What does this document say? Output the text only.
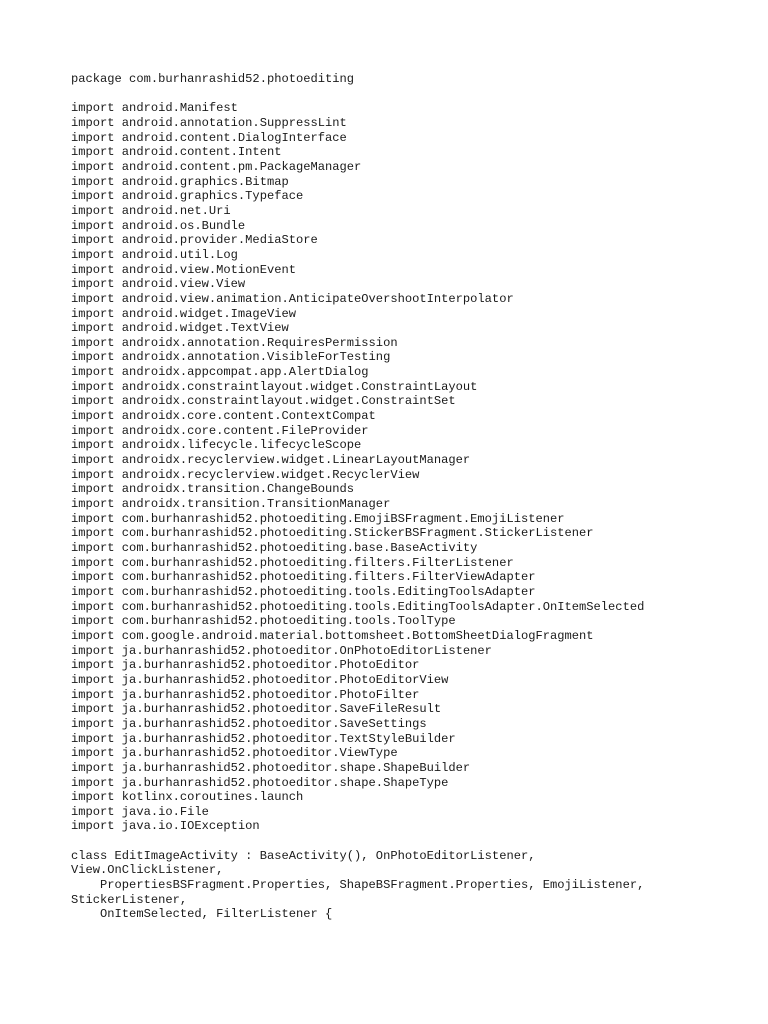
package com.burhanrashid52.photoediting
import android.Manifest
import android.annotation.SuppressLint
import android.content.DialogInterface
import android.content.Intent
import android.content.pm.PackageManager
import android.graphics.Bitmap
import android.graphics.Typeface
import android.net.Uri
import android.os.Bundle
import android.provider.MediaStore
import android.util.Log
import android.view.MotionEvent
import android.view.View
import android.view.animation.AnticipateOvershootInterpolator
import android.widget.ImageView
import android.widget.TextView
import androidx.annotation.RequiresPermission
import androidx.annotation.VisibleForTesting
import androidx.appcompat.app.AlertDialog
import androidx.constraintlayout.widget.ConstraintLayout
import androidx.constraintlayout.widget.ConstraintSet
import androidx.core.content.ContextCompat
import androidx.core.content.FileProvider
import androidx.lifecycle.lifecycleScope
import androidx.recyclerview.widget.LinearLayoutManager
import androidx.recyclerview.widget.RecyclerView
import androidx.transition.ChangeBounds
import androidx.transition.TransitionManager
import com.burhanrashid52.photoediting.EmojiBSFragment.EmojiListener
import com.burhanrashid52.photoediting.StickerBSFragment.StickerListener
import com.burhanrashid52.photoediting.base.BaseActivity
import com.burhanrashid52.photoediting.filters.FilterListener
import com.burhanrashid52.photoediting.filters.FilterViewAdapter
import com.burhanrashid52.photoediting.tools.EditingToolsAdapter
import com.burhanrashid52.photoediting.tools.EditingToolsAdapter.OnItemSelected
import com.burhanrashid52.photoediting.tools.ToolType
import com.google.android.material.bottomsheet.BottomSheetDialogFragment
import ja.burhanrashid52.photoeditor.OnPhotoEditorListener
import ja.burhanrashid52.photoeditor.PhotoEditor
import ja.burhanrashid52.photoeditor.PhotoEditorView
import ja.burhanrashid52.photoeditor.PhotoFilter
import ja.burhanrashid52.photoeditor.SaveFileResult
import ja.burhanrashid52.photoeditor.SaveSettings
import ja.burhanrashid52.photoeditor.TextStyleBuilder
import ja.burhanrashid52.photoeditor.ViewType
import ja.burhanrashid52.photoeditor.shape.ShapeBuilder
import ja.burhanrashid52.photoeditor.shape.ShapeType
import kotlinx.coroutines.launch
import java.io.File
import java.io.IOException
class EditImageActivity : BaseActivity(), OnPhotoEditorListener,
View.OnClickListener,
PropertiesBSFragment.Properties, ShapeBSFragment.Properties, EmojiListener,
StickerListener,
OnItemSelected, FilterListener {
